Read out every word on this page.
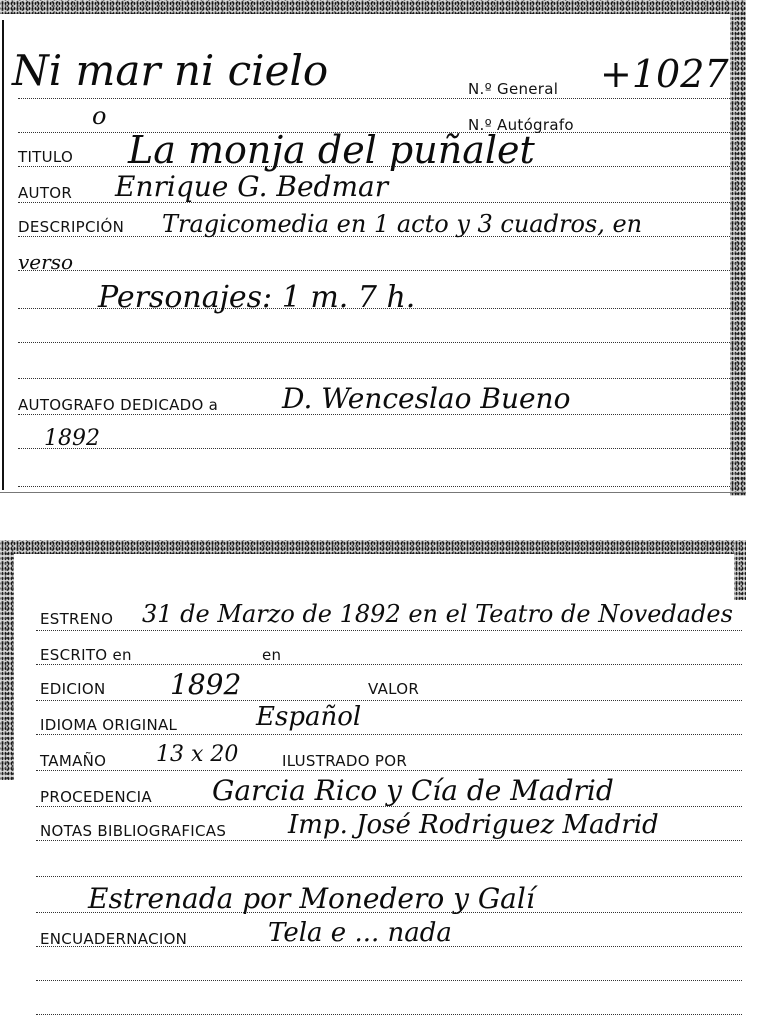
Ni mar ni cielo	N.º General +1027
o	N.º Autógrafo
TITULO La monja del puñalet
AUTOR Enrique G. Bedmar
DESCRIPCIÓN Tragicomedia en 1 acto y 3 cuadros, en
verso
Personajes: 1 m. 7 h.
AUTOGRAFO DEDICADO a D. Wenceslao Bueno
1892
ESTRENO 31 de Marzo de 1892 en el Teatro de Novedades
ESCRITO en	en
EDICION 1892	VALOR
IDIOMA ORIGINAL	Español
TAMAÑO 13 x 20	ILUSTRADO POR
PROCEDENCIA Garcia Rico y Cía de Madrid
NOTAS BIBLIOGRAFICAS Imp. José Rodriguez Madrid
Estrenada por Monedero y Galí
ENCUADERNACION	Tela e ... nada
